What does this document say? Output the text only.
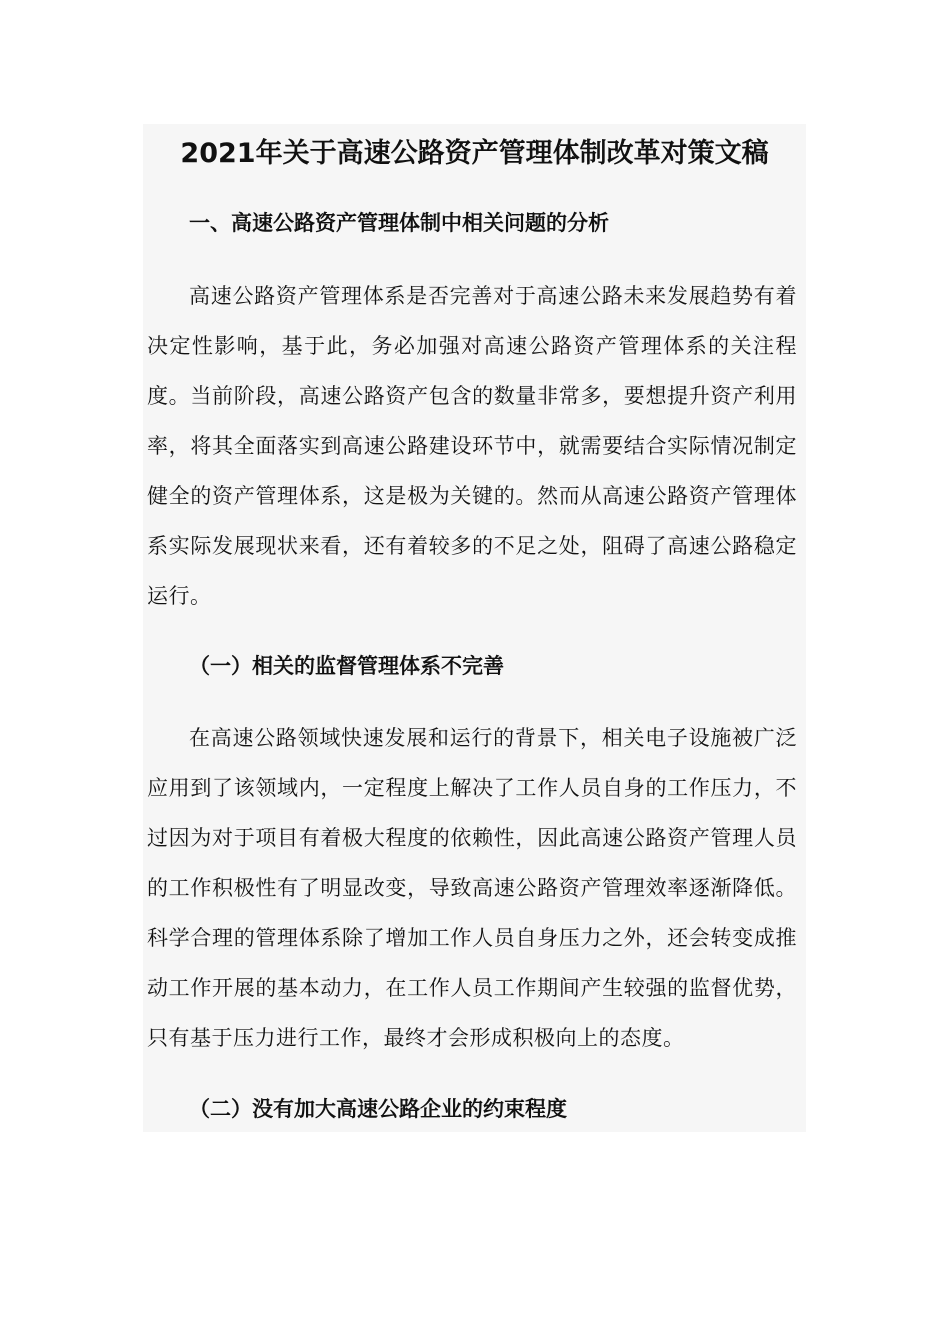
2021年关于高速公路资产管理体制改革对策文稿
一、高速公路资产管理体制中相关问题的分析

高速公路资产管理体系是否完善对于高速公路未来发展趋势有着决定性影响，基于此，务必加强对高速公路资产管理体系的关注程度。当前阶段，高速公路资产包含的数量非常多，要想提升资产利用率，将其全面落实到高速公路建设环节中，就需要结合实际情况制定健全的资产管理体系，这是极为关键的。然而从高速公路资产管理体系实际发展现状来看，还有着较多的不足之处，阻碍了高速公路稳定运行。

（一）相关的监督管理体系不完善

在高速公路领域快速发展和运行的背景下，相关电子设施被广泛应用到了该领域内，一定程度上解决了工作人员自身的工作压力，不过因为对于项目有着极大程度的依赖性，因此高速公路资产管理人员的工作积极性有了明显改变，导致高速公路资产管理效率逐渐降低。科学合理的管理体系除了增加工作人员自身压力之外，还会转变成推动工作开展的基本动力，在工作人员工作期间产生较强的监督优势，只有基于压力进行工作，最终才会形成积极向上的态度。

（二）没有加大高速公路企业的约束程度
